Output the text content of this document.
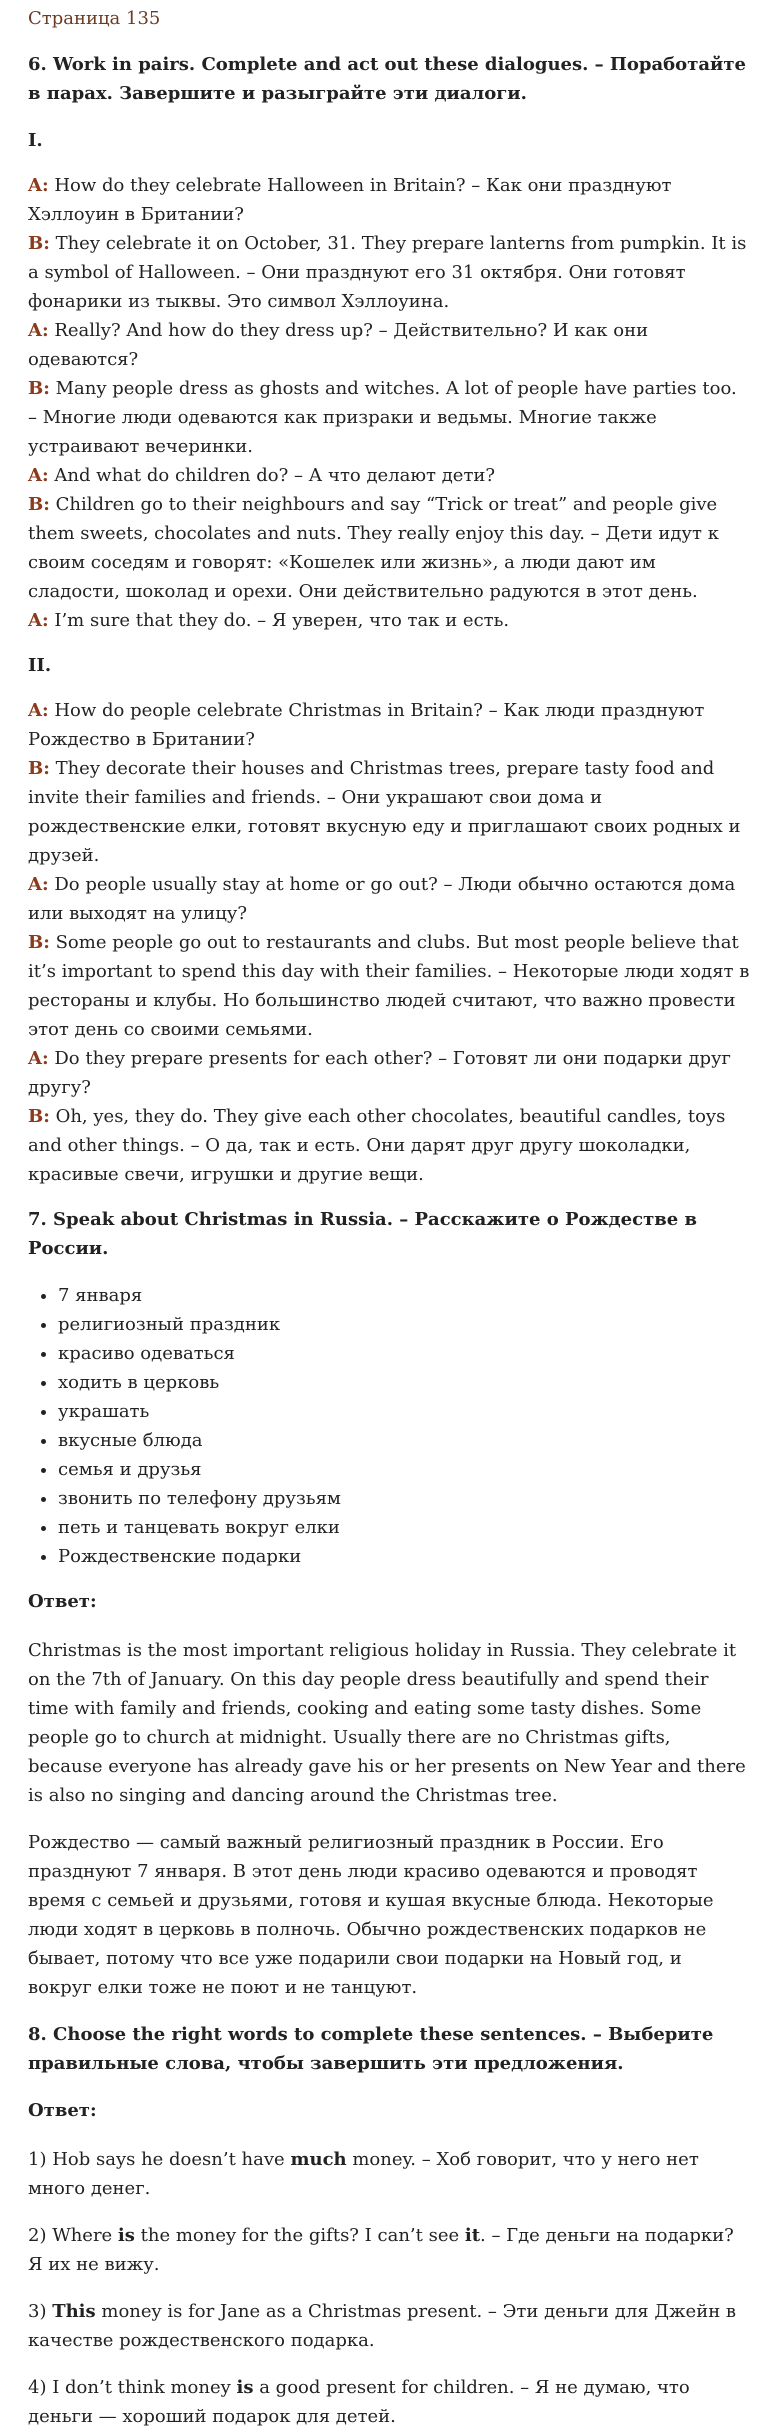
Страница 135

6. Work in pairs. Complete and act out these dialogues. – Поработайте в парах. Завершите и разыграйте эти диалоги.

I.

A: How do they celebrate Halloween in Britain? – Как они празднуют Хэллоуин в Британии?

B: They celebrate it on October, 31. They prepare lanterns from pumpkin. It is a symbol of Halloween. – Они празднуют его 31 октября. Они готовят фонарики из тыквы. Это символ Хэллоуина.

A: Really? And how do they dress up? – Действительно? И как они одеваются?

B: Many people dress as ghosts and witches. A lot of people have parties too. – Многие люди одеваются как призраки и ведьмы. Многие также устраивают вечеринки.

A: And what do children do? – А что делают дети?

B: Children go to their neighbours and say “Trick or treat” and people give them sweets, chocolates and nuts. They really enjoy this day. – Дети идут к своим соседям и говорят: «Кошелек или жизнь», а люди дают им сладости, шоколад и орехи. Они действительно радуются в этот день.

A: I’m sure that they do. – Я уверен, что так и есть.

II.

A: How do people celebrate Christmas in Britain? – Как люди празднуют Рождество в Британии?

B: They decorate their houses and Christmas trees, prepare tasty food and invite their families and friends. – Они украшают свои дома и рождественские елки, готовят вкусную еду и приглашают своих родных и друзей.

A: Do people usually stay at home or go out? – Люди обычно остаются дома или выходят на улицу?

B: Some people go out to restaurants and clubs. But most people believe that it’s important to spend this day with their families. – Некоторые люди ходят в рестораны и клубы. Но большинство людей считают, что важно провести этот день со своими семьями.

A: Do they prepare presents for each other? – Готовят ли они подарки друг другу?

B: Oh, yes, they do. They give each other chocolates, beautiful candles, toys and other things. – О да, так и есть. Они дарят друг другу шоколадки, красивые свечи, игрушки и другие вещи.

7. Speak about Christmas in Russia. – Расскажите о Рождестве в России.

• 7 января
• религиозный праздник
• красиво одеваться
• ходить в церковь
• украшать
• вкусные блюда
• семья и друзья
• звонить по телефону друзьям
• петь и танцевать вокруг елки
• Рождественские подарки

Ответ:

Christmas is the most important religious holiday in Russia. They celebrate it on the 7th of January. On this day people dress beautifully and spend their time with family and friends, cooking and eating some tasty dishes. Some people go to church at midnight. Usually there are no Christmas gifts, because everyone has already gave his or her presents on New Year and there is also no singing and dancing around the Christmas tree.

Рождество — самый важный религиозный праздник в России. Его празднуют 7 января. В этот день люди красиво одеваются и проводят время с семьей и друзьями, готовя и кушая вкусные блюда. Некоторые люди ходят в церковь в полночь. Обычно рождественских подарков не бывает, потому что все уже подарили свои подарки на Новый год, и вокруг елки тоже не поют и не танцуют.

8. Choose the right words to complete these sentences. – Выберите правильные слова, чтобы завершить эти предложения.

Ответ:

1) Hob says he doesn’t have much money. – Хоб говорит, что у него нет много денег.

2) Where is the money for the gifts? I can’t see it. – Где деньги на подарки? Я их не вижу.

3) This money is for Jane as a Christmas present. – Эти деньги для Джейн в качестве рождественского подарка.

4) I don’t think money is a good present for children. – Я не думаю, что деньги — хороший подарок для детей.
